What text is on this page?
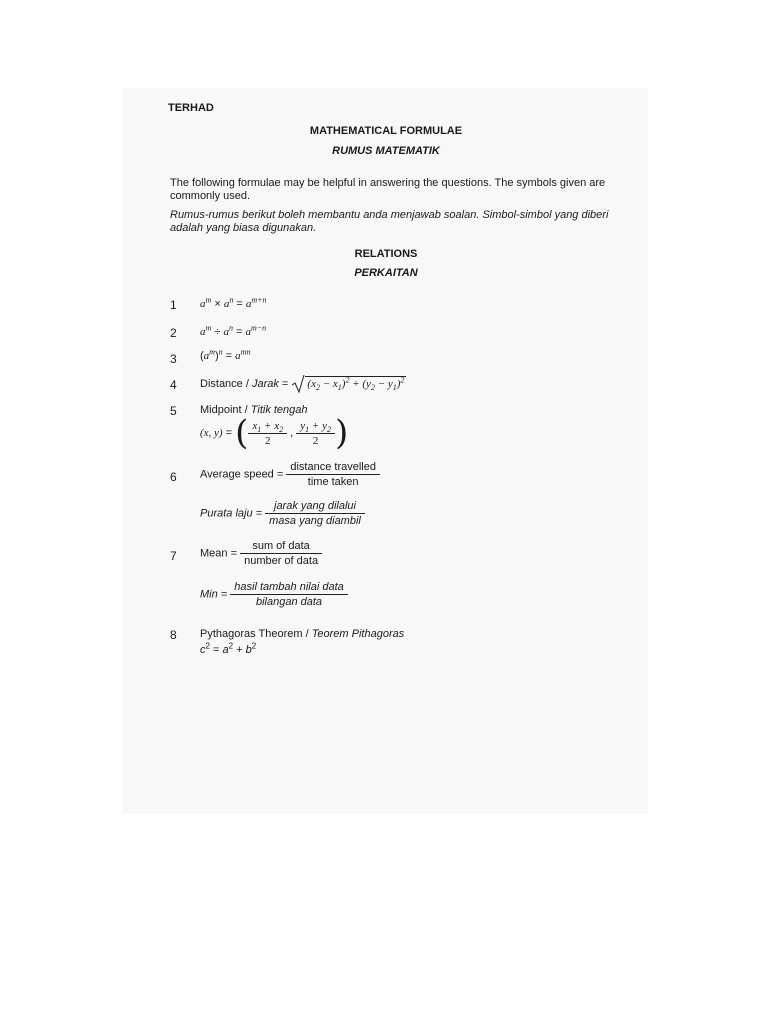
TERHAD
MATHEMATICAL FORMULAE
RUMUS MATEMATIK
The following formulae may be helpful in answering the questions. The symbols given are commonly used.
Rumus-rumus berikut boleh membantu anda menjawab soalan. Simbol-simbol yang diberi adalah yang biasa digunakan.
RELATIONS
PERKAITAN
1 $a^m \times a^n = a^{m+n}$
2 $a^m \div a^n = a^{m-n}$
3 $(a^m)^n = a^{mn}$
4 Distance / Jarak = $(x_2 - x_1)^2 + (y_2 - y_1)^2$
5 Midpoint / Titik tengah
(x, y) = ( $\frac{x_1 + x_2}{2}$ , $\frac{y_1 + y_2}{2}$ )
6 Average speed = $\frac{\text{distance travelled}}{\text{time taken}}$
Purata laju = $\frac{\text{jarak yang dilalui}}{\text{masa yang diambil}}$
7 Mean = $\frac{\text{sum of data}}{\text{number of data}}$
Min = $\frac{\text{hasil tambah nilai data}}{\text{bilangan data}}$
8 Pythagoras Theorem / Teorem Pithagoras
$c^2 = a^2 + b^2$
